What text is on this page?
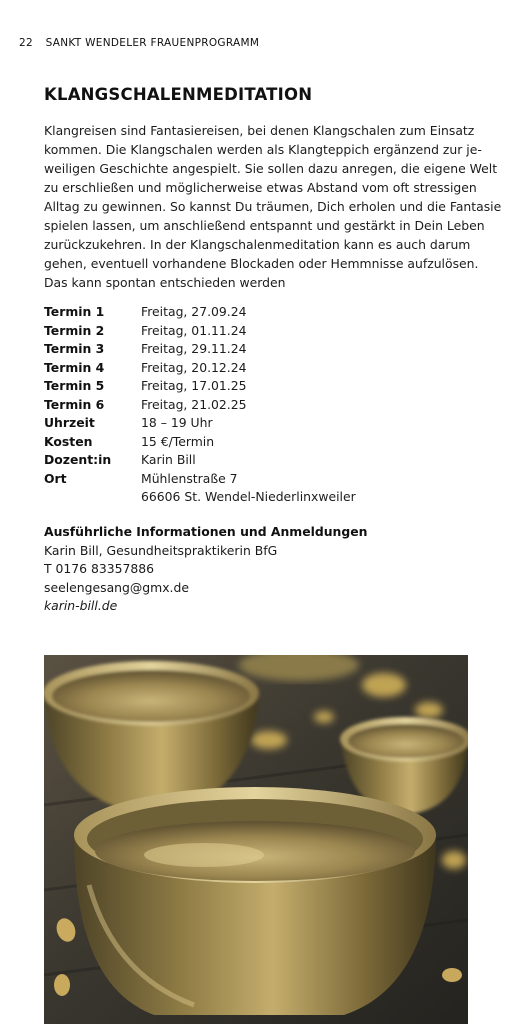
22 SANKT WENDELER FRAUENPROGRAMM
KLANGSCHALENMEDITATION

Klangreisen sind Fantasiereisen, bei denen Klangschalen zum Einsatz
kommen. Die Klangschalen werden als Klangteppich ergänzend zur je-
weiligen Geschichte angespielt. Sie sollen dazu anregen, die eigene Welt
zu erschließen und möglicherweise etwas Abstand vom oft stressigen
Alltag zu gewinnen. So kannst Du träumen, Dich erholen und die Fantasie
spielen lassen, um anschließend entspannt und gestärkt in Dein Leben
zurückzukehren. In der Klangschalenmeditation kann es auch darum
gehen, eventuell vorhandene Blockaden oder Hemmnisse aufzulösen.
Das kann spontan entschieden werden

Termin 1	Freitag, 27.09.24
Termin 2	Freitag, 01.11.24
Termin 3	Freitag, 29.11.24
Termin 4	Freitag, 20.12.24
Termin 5	Freitag, 17.01.25
Termin 6	Freitag, 21.02.25
Uhrzeit	18 – 19 Uhr
Kosten	15 €/Termin
Dozent:in	Karin Bill
Ort	Mühlenstraße 7
66606 St. Wendel-Niederlinxweiler
Ausführliche Informationen und Anmeldungen
Karin Bill, Gesundheitspraktikerin BfG
T 0176 83357886
seelengesang@gmx.de
karin-bill.de
